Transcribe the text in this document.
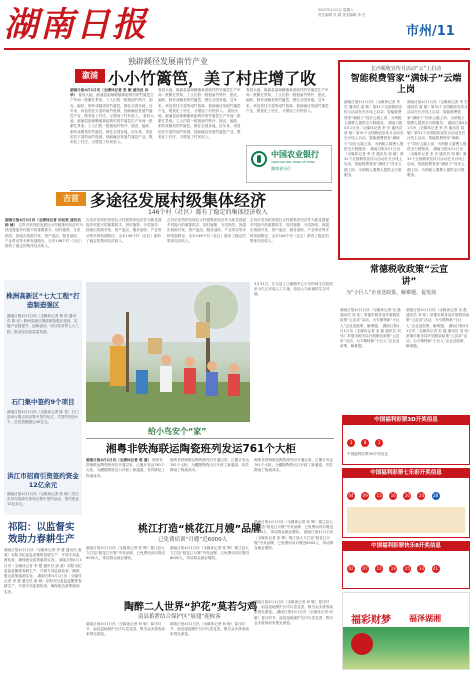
湖南日报	2022年4月2日 星期六
责任编辑 吴 娟 美术编辑 李 杰
市州/11
独辟蹊径发展南竹产业
溆浦 小小竹篱笆，美了村庄增了收
湖南日报4月1日讯（全媒体记者 张 颐 通讯员 向 华） 春回大地，溆浦县祖师殿镇黄泥坡村的竹篱笆生产车间一派繁忙景象。工人们将一根根南竹劈开、刨光、编织，制作成精美的竹篱笆，销往全国各地。近年来，该县依托丰富的南竹资源，独辟蹊径发展竹篱笆产业，既美化了村庄，又增加了村民收入。 春回大地，溆浦县祖师殿镇黄泥坡村的竹篱笆生产车间一派繁忙景象。工人们将一根根南竹劈开、刨光、编织，制作成精美的竹篱笆，销往全国各地。近年来，该县依托丰富的南竹资源，独辟蹊径发展竹篱笆产业，既美化了村庄，又增加了村民收入。
春回大地，溆浦县祖师殿镇黄泥坡村的竹篱笆生产车间一派繁忙景象。工人们将一根根南竹劈开、刨光、编织，制作成精美的竹篱笆，销往全国各地。近年来，该县依托丰富的南竹资源，独辟蹊径发展竹篱笆产业，既美化了村庄，又增加了村民收入。 春回大地，溆浦县祖师殿镇黄泥坡村的竹篱笆生产车间一派繁忙景象。工人们将一根根南竹劈开、刨光、编织，制作成精美的竹篱笆，销往全国各地。近年来，该县依托丰富的南竹资源，独辟蹊径发展竹篱笆产业，既美化了村庄，又增加了村民收入。
春回大地，溆浦县祖师殿镇黄泥坡村的竹篱笆生产车间一派繁忙景象。工人们将一根根南竹劈开、刨光、编织，制作成精美的竹篱笆，销往全国各地。近年来，该县依托丰富的南竹资源，独辟蹊径发展竹篱笆产业，既美化了村庄，又增加了村民收入。
中国农业银行
AGRICULTURAL BANK OF CHINA
湖南省分行
吉首 多途径发展村级集体经济
146个村（社区）都有了稳定的集体经济收入
湖南日报4月1日讯（全媒体记者 向民贵 通讯员 杨 诚） 吉首市坚持把发展壮大村级集体经济作为抓党建促乡村振兴的重要抓手，因村施策、分类指导，探索出资源开发、资产盘活、服务创收、产业带动等多种发展路径，全市146个村（社区）都有了稳定的集体经济收入。
吉首市坚持把发展壮大村级集体经济作为抓党建促乡村振兴的重要抓手，因村施策、分类指导，探索出资源开发、资产盘活、服务创收、产业带动等多种发展路径，全市146个村（社区）都有了稳定的集体经济收入。
吉首市坚持把发展壮大村级集体经济作为抓党建促乡村振兴的重要抓手，因村施策、分类指导，探索出资源开发、资产盘活、服务创收、产业带动等多种发展路径，全市146个村（社区）都有了稳定的集体经济收入。
吉首市坚持把发展壮大村级集体经济作为抓党建促乡村振兴的重要抓手，因村施策、分类指导，探索出资源开发、资产盘活、服务创收、产业带动等多种发展路径，全市146个村（社区）都有了稳定的集体经济收入。
长沙税收宣传月活动“云”上启动
智能税费管家“满妹子”云端上岗
湖南日报4月1日讯（全媒体记者 李 杰 通讯员 周 敏）第31个全国税收宣传月活动在长沙线上启动，智能税费管家“满妹子”同步云端上岗，为纳税人缴费人提供全天候服务。 湖南日报4月1日讯（全媒体记者 李 杰 通讯员 周 敏）第31个全国税收宣传月活动在长沙线上启动，智能税费管家“满妹子”同步云端上岗，为纳税人缴费人提供全天候服务。 湖南日报4月1日讯（全媒体记者 李 杰 通讯员 周 敏）第31个全国税收宣传月活动在长沙线上启动，智能税费管家“满妹子”同步云端上岗，为纳税人缴费人提供全天候服务。
湖南日报4月1日讯（全媒体记者 李 杰 通讯员 周 敏）第31个全国税收宣传月活动在长沙线上启动，智能税费管家“满妹子”同步云端上岗，为纳税人缴费人提供全天候服务。 湖南日报4月1日讯（全媒体记者 李 杰 通讯员 周 敏）第31个全国税收宣传月活动在长沙线上启动，智能税费管家“满妹子”同步云端上岗，为纳税人缴费人提供全天候服务。 湖南日报4月1日讯（全媒体记者 李 杰 通讯员 周 敏）第31个全国税收宣传月活动在长沙线上启动，智能税费管家“满妹子”同步云端上岗，为纳税人缴费人提供全天候服务。
常德税收政策“云宣讲”
为“小巨人”企业送政策、解难题、促发展
湖南日报4月1日讯（全媒体记者 宋 磊 通讯员 刘 伟）常德市税务局开展税收政策“云宣讲”活动，为专精特新“小巨人”企业送政策、解难题。 湖南日报4月1日讯（全媒体记者 宋 磊 通讯员 刘 伟）常德市税务局开展税收政策“云宣讲”活动，为专精特新“小巨人”企业送政策、解难题。
湖南日报4月1日讯（全媒体记者 宋 磊 通讯员 刘 伟）常德市税务局开展税收政策“云宣讲”活动，为专精特新“小巨人”企业送政策、解难题。 湖南日报4月1日讯（全媒体记者 宋 磊 通讯员 刘 伟）常德市税务局开展税收政策“云宣讲”活动，为专精特新“小巨人”企业送政策、解难题。
中国福利彩票3D开奖信息
3	8	1
中国福利彩票3D开奖信息
中国福利彩票七乐彩开奖信息
04 09 13 16 20 24 28
中国福利彩票快乐8开奖信息
02 07 11 19 25 33 41
福彩财梦 福泽湖湘
株洲高新区“七大工程”打造制造强区
湖南日报4月1日讯（全媒体记者 黄 婷 通讯员 陈 佳）株洲高新区围绕制造强区建设，实施产业链提升、创新驱动、项目攻坚等七大工程，推动经济高质量发展。
石门集中签约9个项目
湖南日报4月1日讯（全媒体记者 陈 亮）石门县举行重点项目集中签约仪式，共签约项目9个，总投资额超过40亿元。
洪江市招商引资签约资金12亿余元
湖南日报4月1日讯（全媒体记者 张 颐）洪江市举办招商引资项目集中签约活动，签约资金12亿余元。
祁阳：以监督实效助力春耕生产
湖南日报4月1日讯（全媒体记者 李 慧 通讯员 唐 斌）祁阳市纪委监委聚焦春耕生产，开展专项监督检查，确保惠农政策落到实处。 湖南日报4月1日讯（全媒体记者 李 慧 通讯员 唐 斌）祁阳市纪委监委聚焦春耕生产，开展专项监督检查，确保惠农政策落到实处。 湖南日报4月1日讯（全媒体记者 李 慧 通讯员 唐 斌）祁阳市纪委监委聚焦春耕生产，开展专项监督检查，确保惠农政策落到实处。
3月31日，江永县上江墟镇中心小学的师生在校园里为鸟儿安装人工鸟巢，营造人鸟和谐的生态环境。
给小鸟安个“家”
湘粤非铁海联运陶瓷班列发运761个大柜
湖南日报4月1日讯（全媒体记者 蒋 睿） 湘粤非铁海联运陶瓷班列自开通以来，已累计发运761个大柜，为醴陵陶瓷出口开辟了新通道，有效降低了物流成本。
湘粤非铁海联运陶瓷班列自开通以来，已累计发运761个大柜，为醴陵陶瓷出口开辟了新通道，有效降低了物流成本。
湘粤非铁海联运陶瓷班列自开通以来，已累计发运761个大柜，为醴陵陶瓷出口开辟了新通道，有效降低了物流成本。
桃江打造“桃花江月嫂”品牌
已免费培训“月嫂”近6000人
湖南日报4月1日讯（全媒体记者 张 辉）桃江县大力打造“桃花江月嫂”劳务品牌，已免费培训月嫂近6000人，带动群众就业增收。
湖南日报4月1日讯（全媒体记者 张 辉）桃江县大力打造“桃花江月嫂”劳务品牌，已免费培训月嫂近6000人，带动群众就业增收。
湖南日报4月1日讯（全媒体记者 张 辉）桃江县大力打造“桃花江月嫂”劳务品牌，已免费培训月嫂近6000人，带动群众就业增收。 湖南日报4月1日讯（全媒体记者 张 辉）桃江县大力打造“桃花江月嫂”劳务品牌，已免费培训月嫂近6000人，带动群众就业增收。
陶醉二人世界“护花”莫若匀鸡
南县蓄泄结合保护区“展翅”迎候客
湖南日报4月1日讯（全媒体记者 何 敏）春日时节，南县湿地保护区内鸟语花香，吸引众多游客前来观光游览。
湖南日报4月1日讯（全媒体记者 何 敏）春日时节，南县湿地保护区内鸟语花香，吸引众多游客前来观光游览。
湖南日报4月1日讯（全媒体记者 何 敏）春日时节，南县湿地保护区内鸟语花香，吸引众多游客前来观光游览。 湖南日报4月1日讯（全媒体记者 何 敏）春日时节，南县湿地保护区内鸟语花香，吸引众多游客前来观光游览。
